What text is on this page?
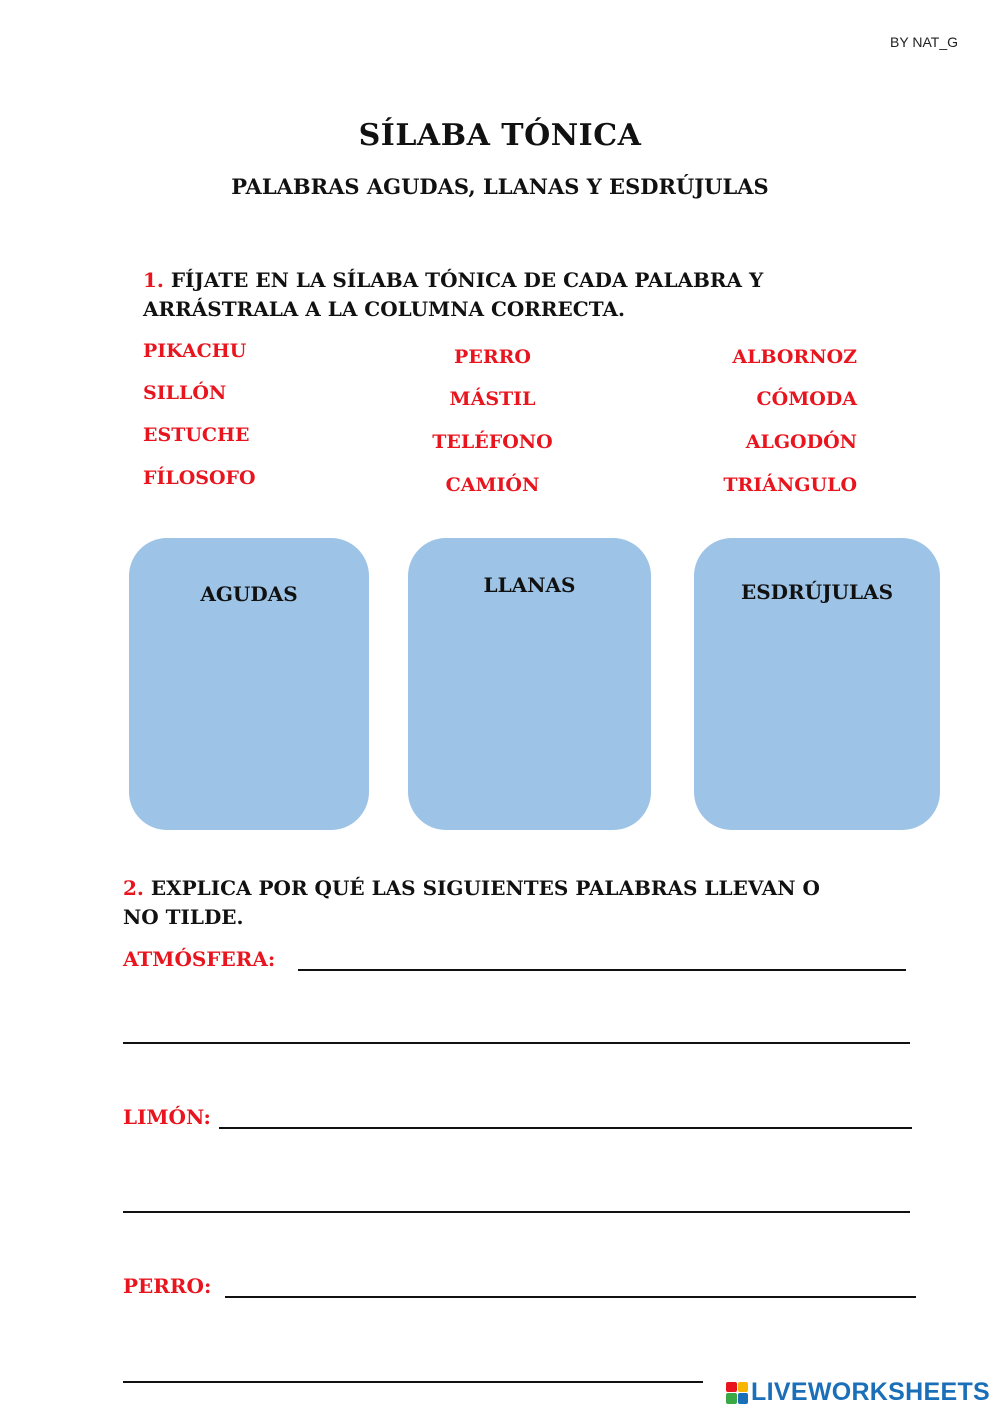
BY NAT_G
SÍLABA TÓNICA
PALABRAS AGUDAS, LLANAS Y ESDRÚJULAS
1. FÍJATE EN LA SÍLABA TÓNICA DE CADA PALABRA Y
ARRÁSTRALA A LA COLUMNA CORRECTA.
PIKACHU
SILLÓN
ESTUCHE
FÍLOSOFO
PERRO
MÁSTIL
TELÉFONO
CAMIÓN
ALBORNOZ
CÓMODA
ALGODÓN
TRIÁNGULO
AGUDAS	LLANAS	ESDRÚJULAS
2. EXPLICA POR QUÉ LAS SIGUIENTES PALABRAS LLEVAN O
NO TILDE.
ATMÓSFERA:
LIMÓN:
PERRO:
LIVEWORKSHEETS
